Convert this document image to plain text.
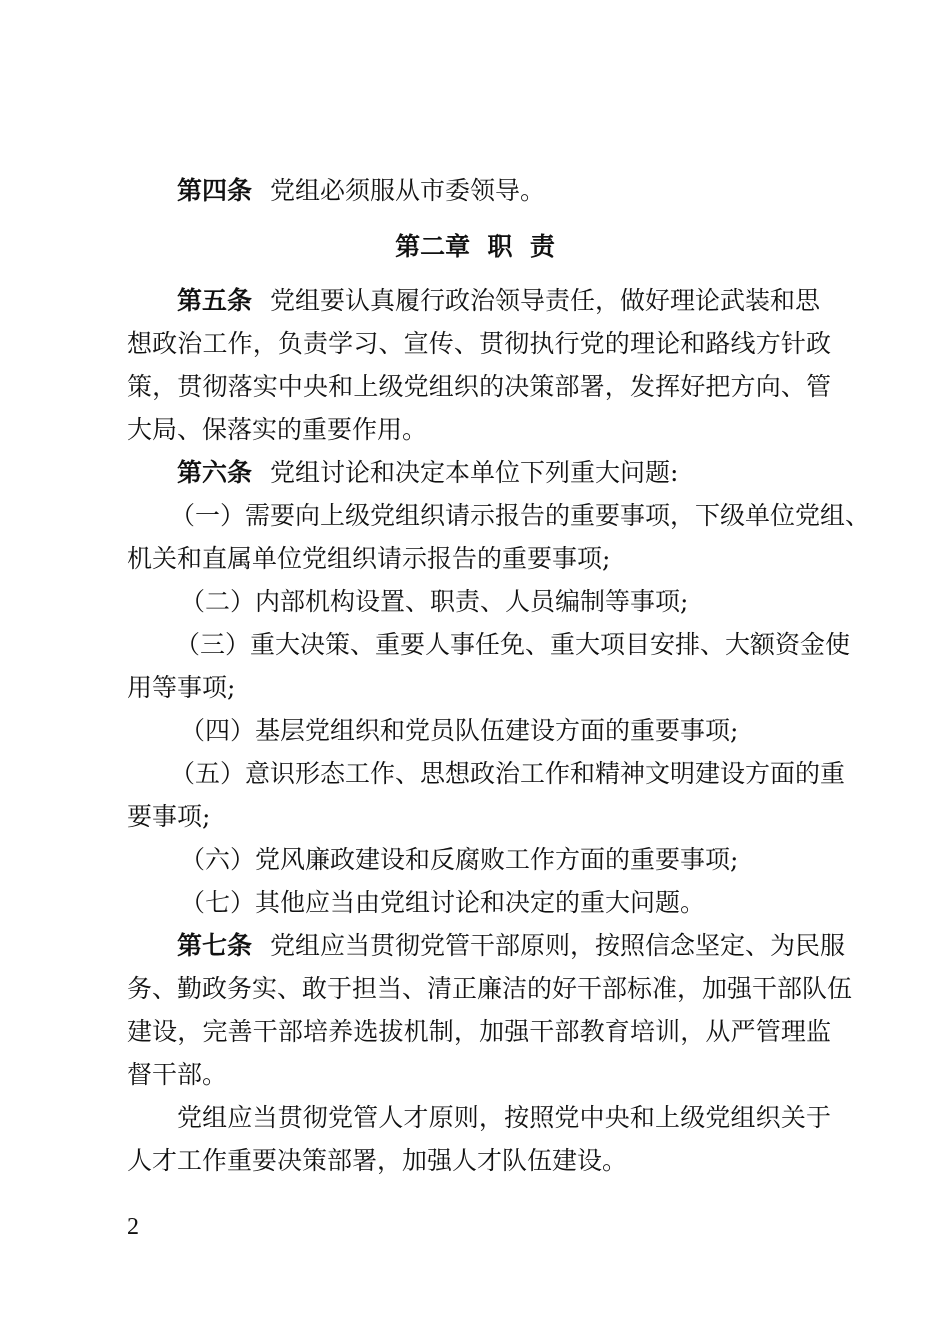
第四条 党组必须服从市委领导。
第二章  职  责
第五条 党组要认真履行政治领导责任，做好理论武装和思
想政治工作，负责学习、宣传、贯彻执行党的理论和路线方针政
策，贯彻落实中央和上级党组织的决策部署，发挥好把方向、管
大局、保落实的重要作用。
第六条 党组讨论和决定本单位下列重大问题:
（一）需要向上级党组织请示报告的重要事项，下级单位党组、
机关和直属单位党组织请示报告的重要事项;
（二）内部机构设置、职责、人员编制等事项;
（三）重大决策、重要人事任免、重大项目安排、大额资金使
用等事项;
（四）基层党组织和党员队伍建设方面的重要事项;
（五）意识形态工作、思想政治工作和精神文明建设方面的重
要事项;
（六）党风廉政建设和反腐败工作方面的重要事项;
（七）其他应当由党组讨论和决定的重大问题。
第七条 党组应当贯彻党管干部原则，按照信念坚定、为民服
务、勤政务实、敢于担当、清正廉洁的好干部标准，加强干部队伍
建设，完善干部培养选拔机制，加强干部教育培训，从严管理监
督干部。
党组应当贯彻党管人才原则，按照党中央和上级党组织关于
人才工作重要决策部署，加强人才队伍建设。
2
